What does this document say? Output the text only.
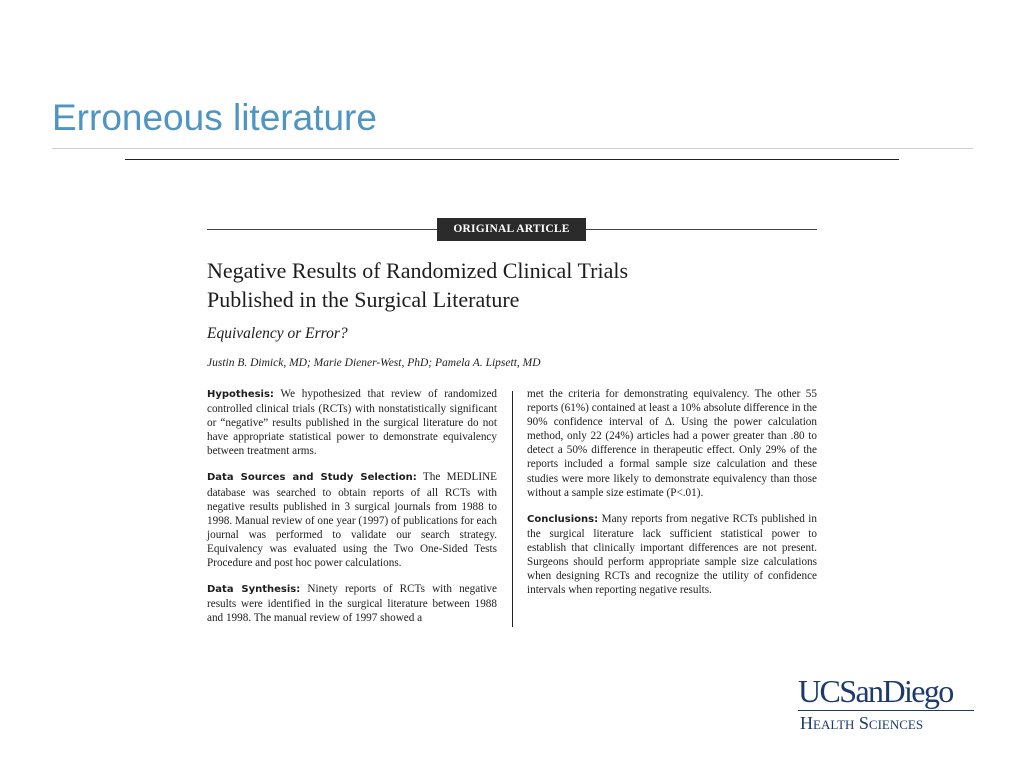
Erroneous literature
ORIGINAL ARTICLE
Negative Results of Randomized Clinical Trials
Published in the Surgical Literature
Equivalency or Error?
Justin B. Dimick, MD; Marie Diener-West, PhD; Pamela A. Lipsett, MD

Hypothesis: We hypothesized that review of randomized controlled clinical trials (RCTs) with nonstatistically significant or “negative” results published in the surgical literature do not have appropriate statistical power to demonstrate equivalency between treatment arms.

Data Sources and Study Selection: The MEDLINE database was searched to obtain reports of all RCTs with negative results published in 3 surgical journals from 1988 to 1998. Manual review of one year (1997) of publications for each journal was performed to validate our search strategy. Equivalency was evaluated using the Two One-Sided Tests Procedure and post hoc power calculations.

Data Synthesis: Ninety reports of RCTs with negative results were identified in the surgical literature between 1988 and 1998. The manual review of 1997 showed a

met the criteria for demonstrating equivalency. The other 55 reports (61%) contained at least a 10% absolute difference in the 90% confidence interval of Δ. Using the power calculation method, only 22 (24%) articles had a power greater than .80 to detect a 50% difference in therapeutic effect. Only 29% of the reports included a formal sample size calculation and these studies were more likely to demonstrate equivalency than those without a sample size estimate (P<.01).

Conclusions: Many reports from negative RCTs published in the surgical literature lack sufficient statistical power to establish that clinically important differences are not present. Surgeons should perform appropriate sample size calculations when designing RCTs and recognize the utility of confidence intervals when reporting negative results.

UCSanDiego
Health Sciences
